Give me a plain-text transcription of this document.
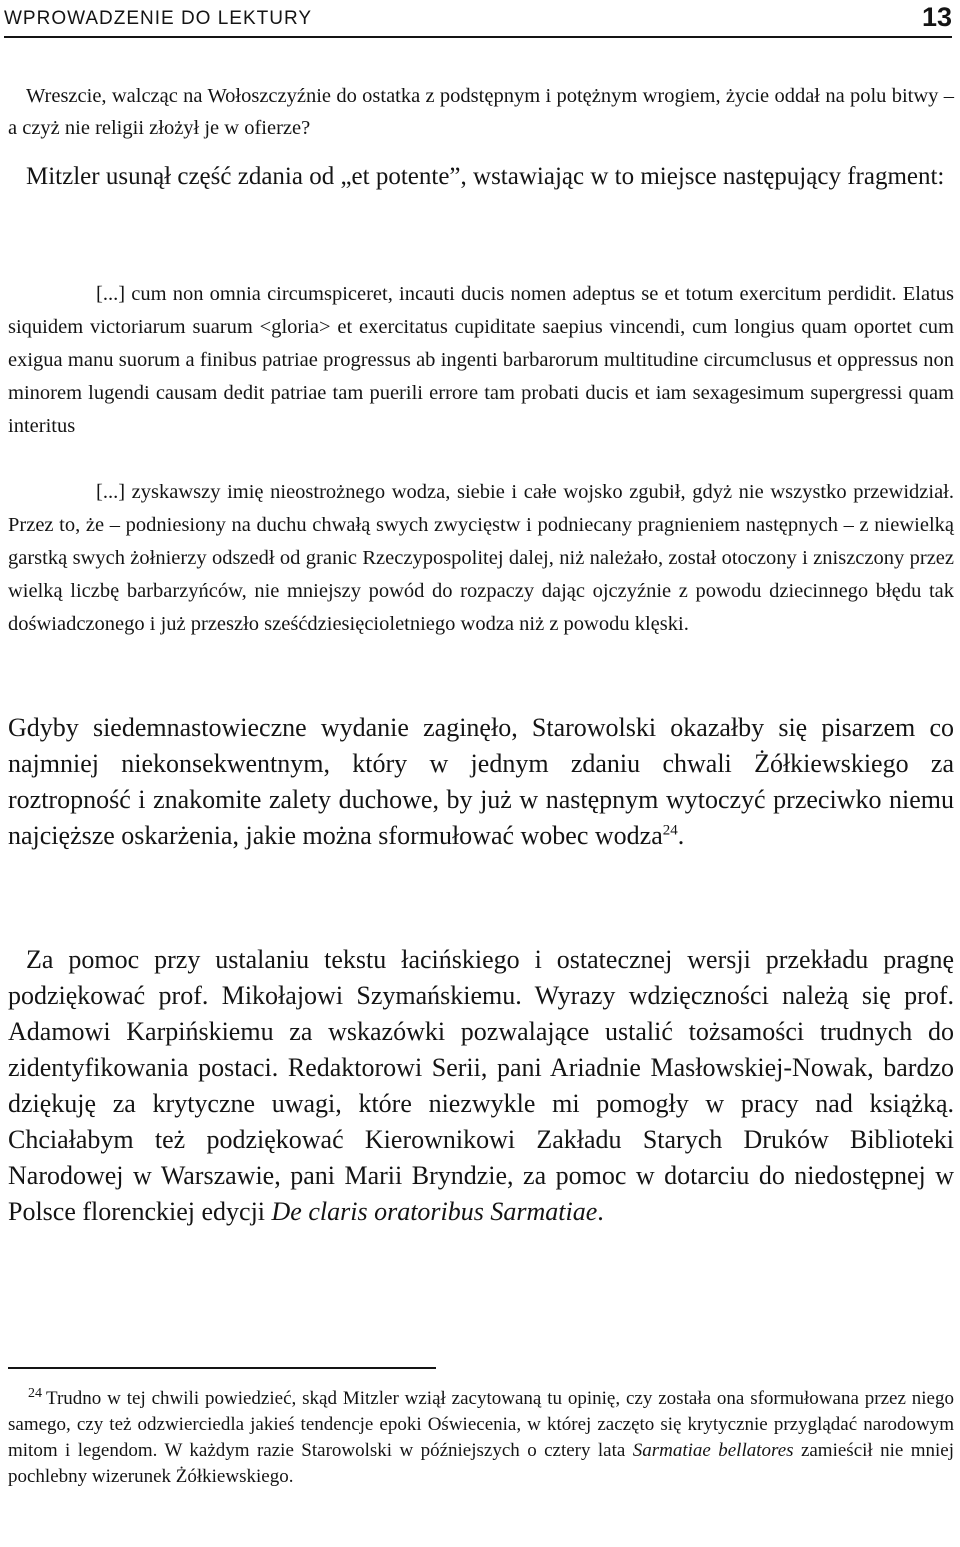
WPROWADZENIE DO LEKTURY	13

Wreszcie, walcząc na Wołoszczyźnie do ostatka z podstępnym i potężnym wrogiem, życie oddał na polu bitwy – a czyż nie religii złożył je w ofierze?

Mitzler usunął część zdania od „et potente”, wstawiając w to miejsce następujący fragment:

[...] cum non omnia circumspiceret, incauti ducis nomen adeptus se et totum exercitum perdidit. Elatus siquidem victoriarum suarum <gloria> et exercitatus cupiditate saepius vincendi, cum longius quam oportet cum exigua manu suorum a finibus patriae progressus ab ingenti barbarorum multitudine circumclusus et oppressus non minorem lugendi causam dedit patriae tam puerili errore tam probati ducis et iam sexagesimum supergressi quam interitus

[...] zyskawszy imię nieostrożnego wodza, siebie i całe wojsko zgubił, gdyż nie wszystko przewidział. Przez to, że – podniesiony na duchu chwałą swych zwycięstw i podniecany pragnieniem następnych – z niewielką garstką swych żołnierzy odszedł od granic Rzeczypospolitej dalej, niż należało, został otoczony i zniszczony przez wielką liczbę barbarzyńców, nie mniejszy powód do rozpaczy dając ojczyźnie z powodu dziecinnego błędu tak doświadczonego i już przeszło sześćdziesięcioletniego wodza niż z powodu klęski.

Gdyby siedemnastowieczne wydanie zaginęło, Starowolski okazałby się pisarzem co najmniej niekonsekwentnym, który w jednym zdaniu chwali Żółkiewskiego za roztropność i znakomite zalety duchowe, by już w następnym wytoczyć przeciwko niemu najcięższe oskarżenia, jakie można sformułować wobec wodza$^{24}$.

Za pomoc przy ustalaniu tekstu łacińskiego i ostatecznej wersji przekładu pragnę podziękować prof. Mikołajowi Szymańskiemu. Wyrazy wdzięczności należą się prof. Adamowi Karpińskiemu za wskazówki pozwalające ustalić tożsamości trudnych do zidentyfikowania postaci. Redaktorowi Serii, pani Ariadnie Masłowskiej-Nowak, bardzo dziękuję za krytyczne uwagi, które niezwykle mi pomogły w pracy nad książką. Chciałabym też podziękować Kierownikowi Zakładu Starych Druków Biblioteki Narodowej w Warszawie, pani Marii Bryndzie, za pomoc w dotarciu do niedostępnej w Polsce florenckiej edycji De claris oratoribus Sarmatiae.

$^{24}$ Trudno w tej chwili powiedzieć, skąd Mitzler wziął zacytowaną tu opinię, czy została ona sformułowana przez niego samego, czy też odzwierciedla jakieś tendencje epoki Oświecenia, w której zaczęto się krytycznie przyglądać narodowym mitom i legendom. W każdym razie Starowolski w późniejszych o cztery lata Sarmatiae bellatores zamieścił nie mniej pochlebny wizerunek Żółkiewskiego.
